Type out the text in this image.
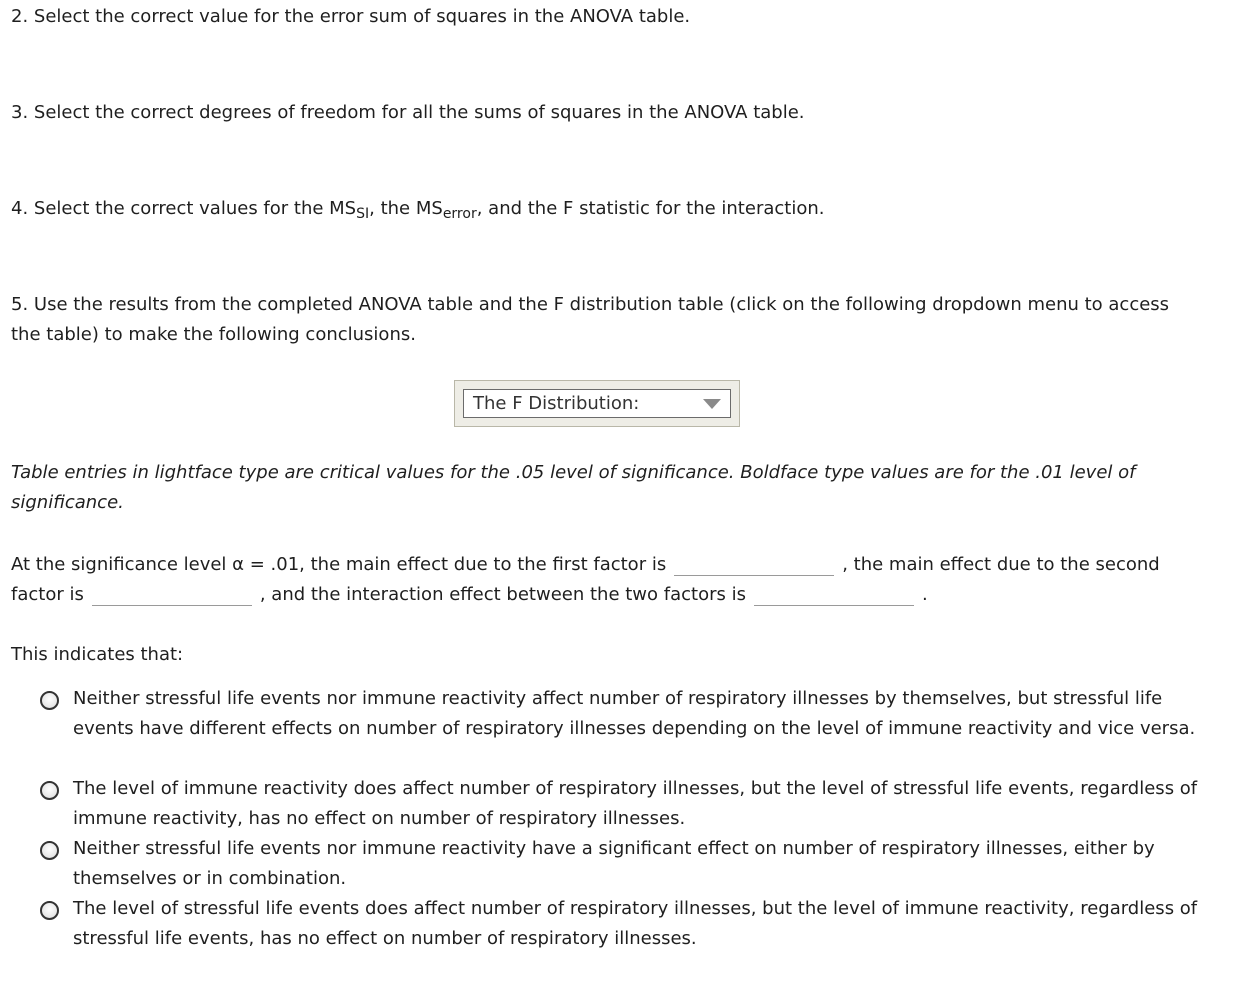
2. Select the correct value for the error sum of squares in the ANOVA table.

3. Select the correct degrees of freedom for all the sums of squares in the ANOVA table.

4. Select the correct values for the $MS_{SI}$, the $MS_{error}$, and the F statistic for the interaction.

5. Use the results from the completed ANOVA table and the F distribution table (click on the following dropdown menu to access the table) to make the following conclusions.

The F Distribution:

Table entries in lightface type are critical values for the .05 level of significance. Boldface type values are for the .01 level of significance.

At the significance level α = .01, the main effect due to the first factor is	, the main effect due to the second factor is	, and the interaction effect between the two factors is	.

This indicates that:

Neither stressful life events nor immune reactivity affect number of respiratory illnesses by themselves, but stressful life events have different effects on number of respiratory illnesses depending on the level of immune reactivity and vice versa.
The level of immune reactivity does affect number of respiratory illnesses, but the level of stressful life events, regardless of immune reactivity, has no effect on number of respiratory illnesses.
Neither stressful life events nor immune reactivity have a significant effect on number of respiratory illnesses, either by themselves or in combination.
The level of stressful life events does affect number of respiratory illnesses, but the level of immune reactivity, regardless of stressful life events, has no effect on number of respiratory illnesses.
